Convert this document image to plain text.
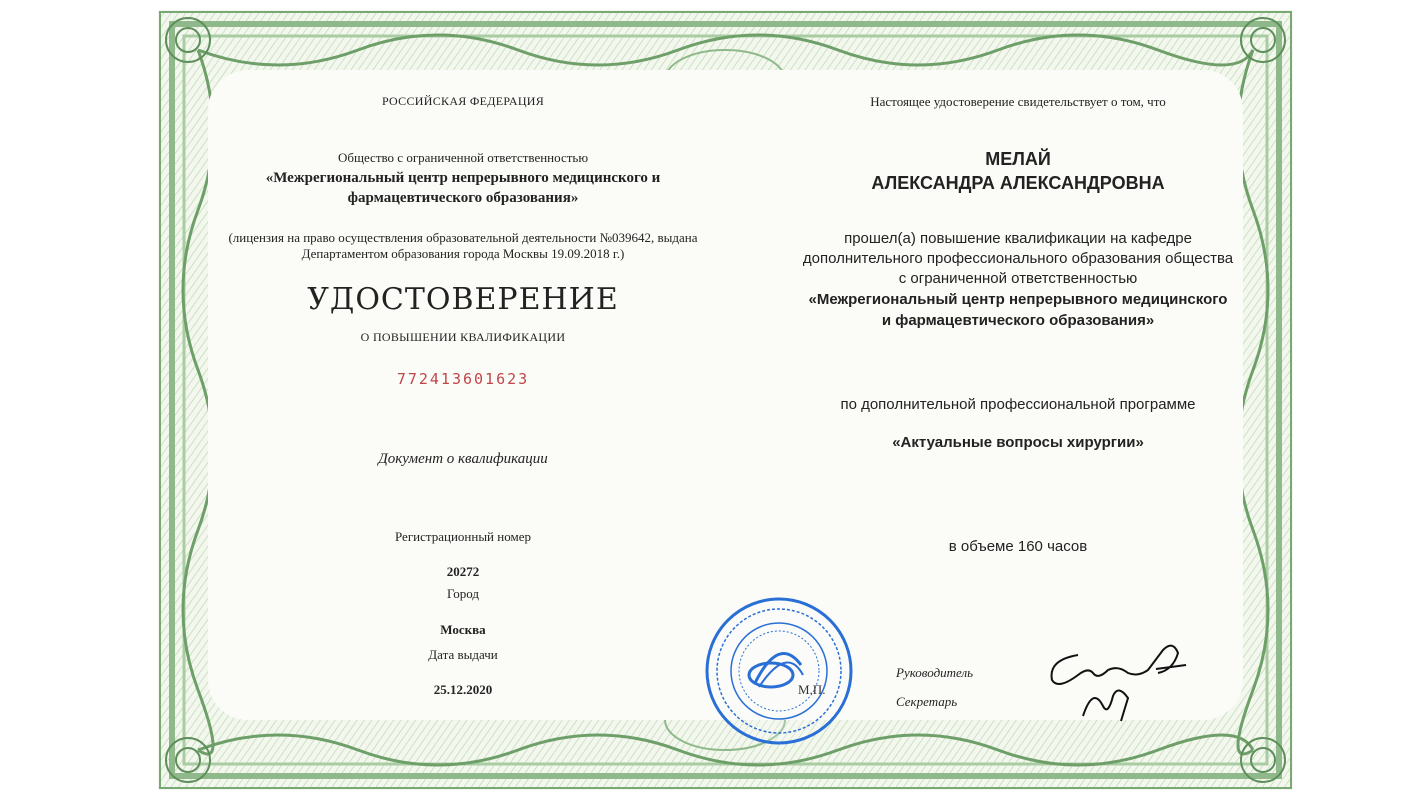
РОССИЙСКАЯ ФЕДЕРАЦИЯ
Общество с ограниченной ответственностью
«Межрегиональный центр непрерывного медицинского и
фармацевтического образования»
(лицензия на право осуществления образовательной деятельности №039642, выдана
Департаментом образования города Москвы 19.09.2018 г.)
УДОСТОВЕРЕНИЕ
О ПОВЫШЕНИИ КВАЛИФИКАЦИИ
772413601623
Документ о квалификации
Регистрационный номер
20272
Город
Москва
Дата выдачи
25.12.2020
Настоящее удостоверение свидетельствует о том, что
МЕЛАЙ
АЛЕКСАНДРА АЛЕКСАНДРОВНА
прошел(а) повышение квалификации на кафедре
дополнительного профессионального образования общества
с ограниченной ответственностью
«Межрегиональный центр непрерывного медицинского
и фармацевтического образования»
по дополнительной профессиональной программе
«Актуальные вопросы хирургии»
в объеме 160 часов
М.П.
Руководитель
Секретарь
